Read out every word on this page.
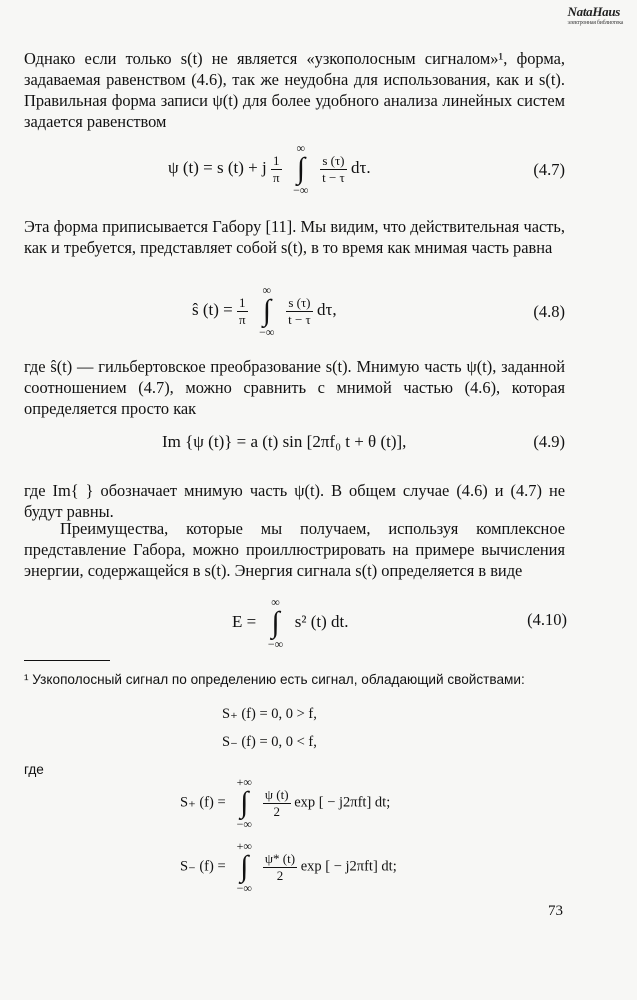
NataHaus
электронная библиотека
Однако если только s(t) не является «узкополосным сигналом»¹, форма, задаваемая равенством (4.6), так же неудобна для использования, как и s(t). Правильная форма записи ψ(t) для более удобного анализа линейных систем задается равенством
ψ (t) = s (t) + j $\frac{1}{\pi}$

∞
∫
−∞

$\frac{s (\tau)}{t - \tau} d\tau$.	(4.7)
Эта форма приписывается Габору [11]. Мы видим, что действительная часть, как и требуется, представляет собой s(t), в то время как мнимая часть равна
ŝ $(t) = \frac{1}{\pi}$

∞
∫
−∞

$\frac{s (\tau)}{t - \tau} d\tau$,	(4.8)
где ŝ(t) — гильбертовское преобразование s(t). Мнимую часть ψ(t), заданной соотношением (4.7), можно сравнить с мнимой частью (4.6), которая определяется просто как
Im {ψ (t)} = a (t) sin [2πf₀ t + θ (t)],	(4.9)
где Im{ } обозначает мнимую часть ψ(t). В общем случае (4.6) и (4.7) не будут равны.
Преимущества, которые мы получаем, используя комплексное представление Габора, можно проиллюстрировать на примере вычисления энергии, содержащейся в s(t). Энергия сигнала s(t) определяется в виде
E =
∞
∫
−∞
s² (t) dt.	(4.10)
¹ Узкополосный сигнал по определению есть сигнал, обладающий свойствами:
S₊ (f) = 0, 0 > f,
S₋ (f) = 0, 0 < f,
где
S₊ (f) =
+∞
∫
−∞

$\frac{\psi (t)}{2}$ exp [ − j2πft] dt;
S₋ (f) =
+∞
∫
−∞

$\frac{\psi* (t)}{2}$ exp [ − j2πft] dt;
73
